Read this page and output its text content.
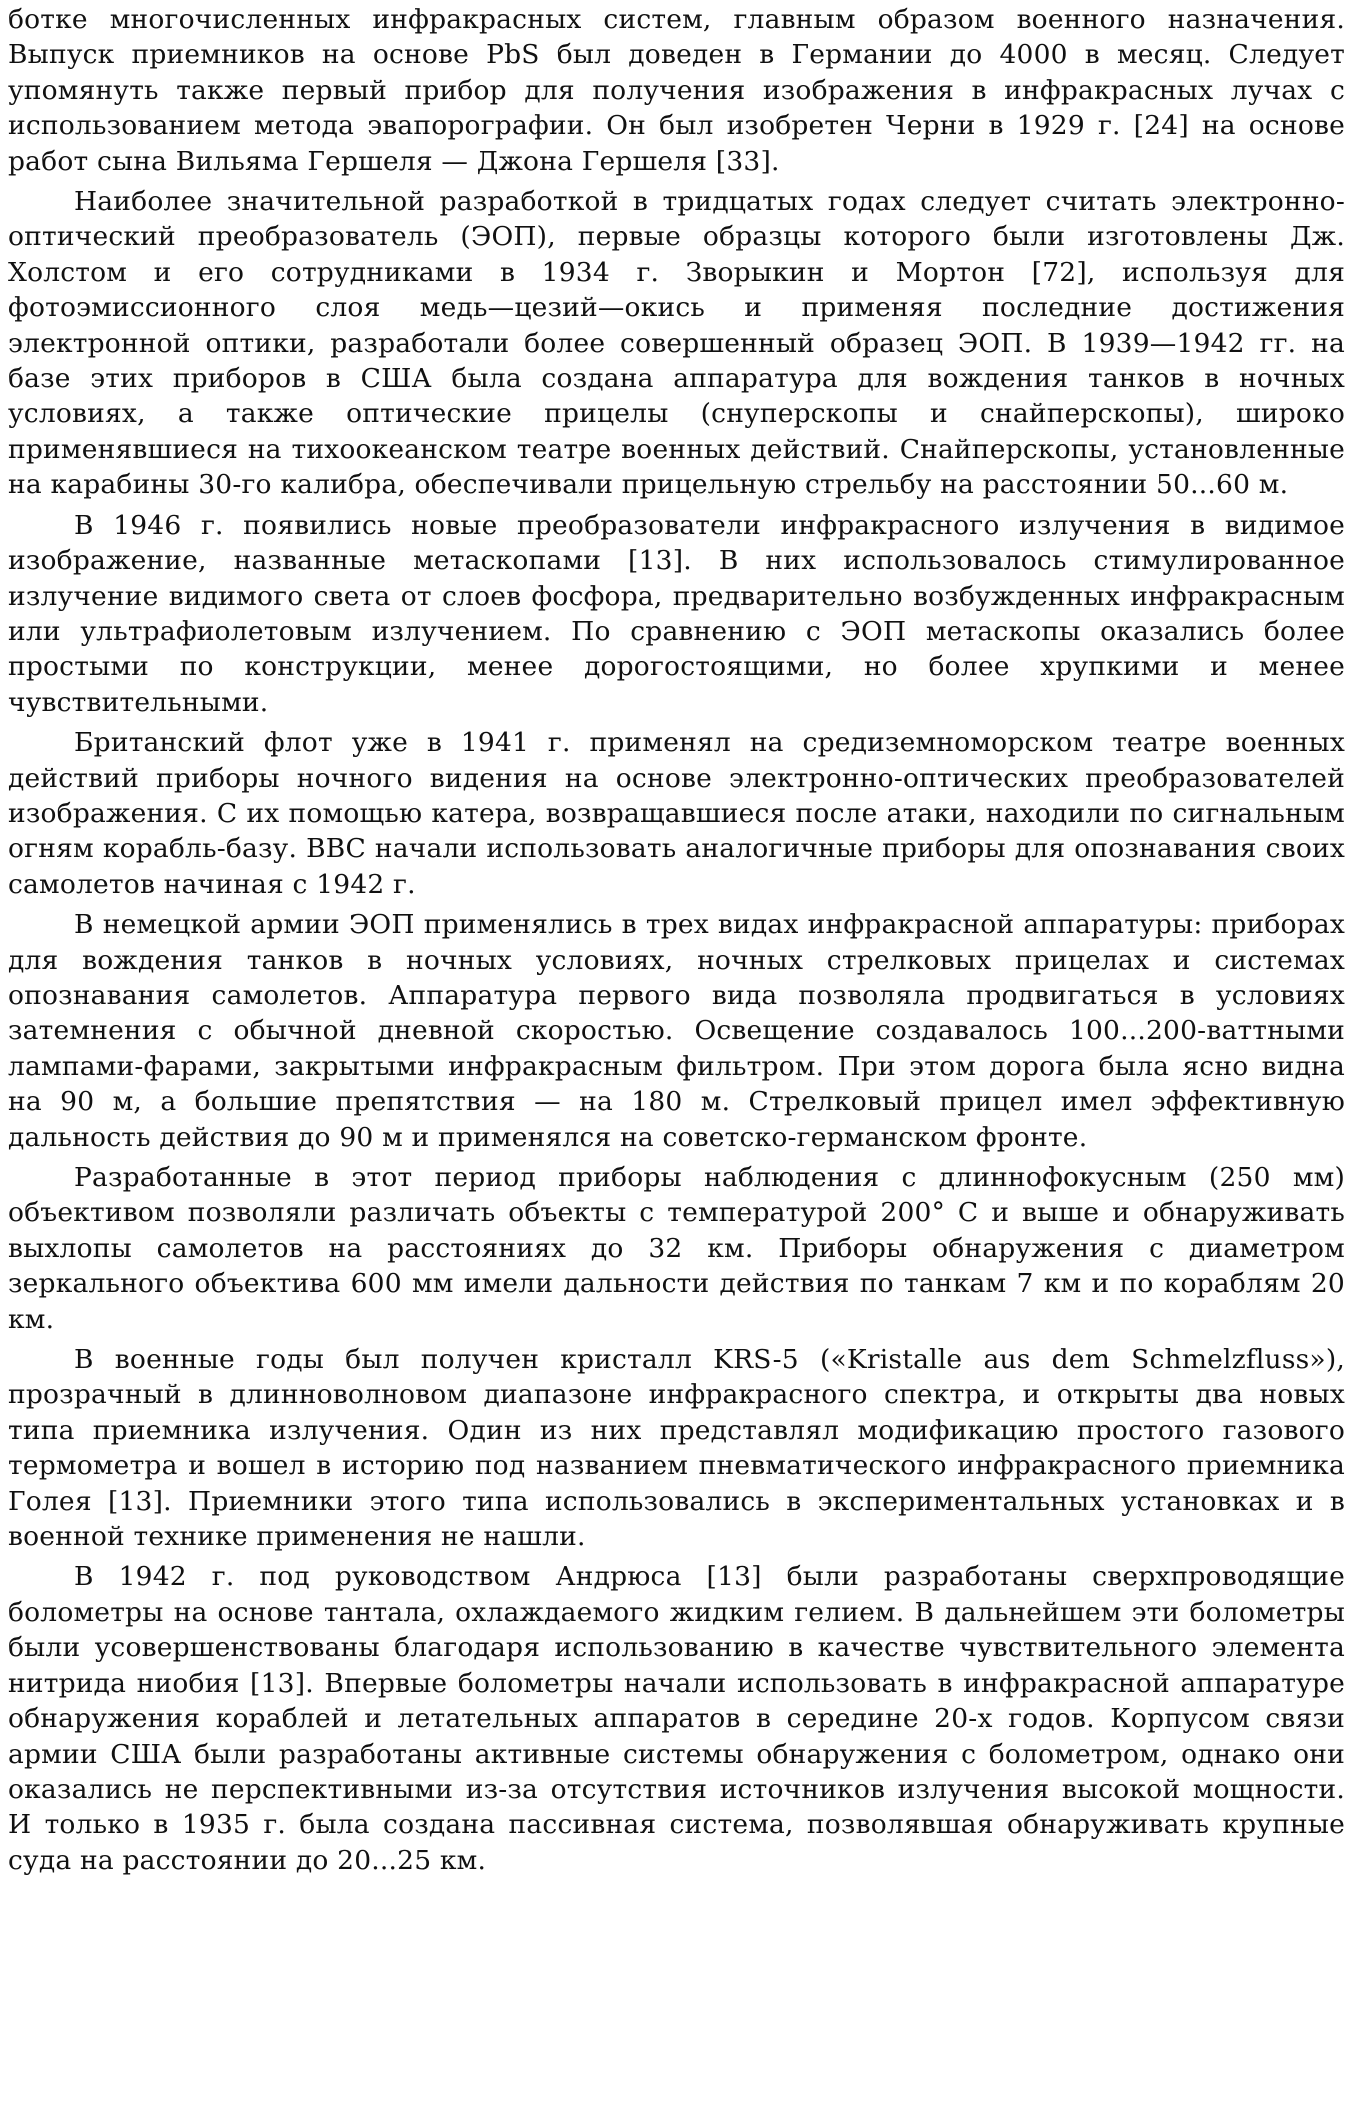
ботке многочисленных инфракрасных систем, главным образом военного назначения. Выпуск приемников на основе PbS был доведен в Германии до 4000 в месяц. Следует упомянуть также первый прибор для получения изображения в инфракрасных лучах с использованием метода эвапорографии. Он был изобретен Черни в 1929 г. [24] на основе работ сына Вильяма Гершеля — Джона Гершеля [33].

Наиболее значительной разработкой в тридцатых годах следует считать электронно-оптический преобразователь (ЭОП), первые образцы которого были изготовлены Дж. Холстом и его сотрудниками в 1934 г. Зворыкин и Мортон [72], используя для фотоэмиссионного слоя медь—цезий—окись и применяя последние достижения электронной оптики, разработали более совершенный образец ЭОП. В 1939—1942 гг. на базе этих приборов в США была создана аппаратура для вождения танков в ночных условиях, а также оптические прицелы (снуперскопы и снайперскопы), широко применявшиеся на тихоокеанском театре военных действий. Снайперскопы, установленные на карабины 30-го калибра, обеспечивали прицельную стрельбу на расстоянии 50...60 м.

В 1946 г. появились новые преобразователи инфракрасного излучения в видимое изображение, названные метаскопами [13]. В них использовалось стимулированное излучение видимого света от слоев фосфора, предварительно возбужденных инфракрасным или ультрафиолетовым излучением. По сравнению с ЭОП метаскопы оказались более простыми по конструкции, менее дорогостоящими, но более хрупкими и менее чувствительными.

Британский флот уже в 1941 г. применял на средиземноморском театре военных действий приборы ночного видения на основе электронно-оптических преобразователей изображения. С их помощью катера, возвращавшиеся после атаки, находили по сигнальным огням корабль-базу. ВВС начали использовать аналогичные приборы для опознавания своих самолетов начиная с 1942 г.

В немецкой армии ЭОП применялись в трех видах инфракрасной аппаратуры: приборах для вождения танков в ночных условиях, ночных стрелковых прицелах и системах опознавания самолетов. Аппаратура первого вида позволяла продвигаться в условиях затемнения с обычной дневной скоростью. Освещение создавалось 100...200-ваттными лампами-фарами, закрытыми инфракрасным фильтром. При этом дорога была ясно видна на 90 м, а большие препятствия — на 180 м. Стрелковый прицел имел эффективную дальность действия до 90 м и применялся на советско-германском фронте.

Разработанные в этот период приборы наблюдения с длиннофокусным (250 мм) объективом позволяли различать объекты с температурой 200° С и выше и обнаруживать выхлопы самолетов на расстояниях до 32 км. Приборы обнаружения с диаметром зеркального объектива 600 мм имели дальности действия по танкам 7 км и по кораблям 20 км.

В военные годы был получен кристалл KRS-5 («Kristalle aus dem Schmelzfluss»), прозрачный в длинноволновом диапазоне инфракрасного спектра, и открыты два новых типа приемника излучения. Один из них представлял модификацию простого газового термометра и вошел в историю под названием пневматического инфракрасного приемника Голея [13]. Приемники этого типа использовались в экспериментальных установках и в военной технике применения не нашли.

В 1942 г. под руководством Андрюса [13] были разработаны сверхпроводящие болометры на основе тантала, охлаждаемого жидким гелием. В дальнейшем эти болометры были усовершенствованы благодаря использованию в качестве чувствительного элемента нитрида ниобия [13]. Впервые болометры начали использовать в инфракрасной аппаратуре обнаружения кораблей и летательных аппаратов в середине 20-х годов. Корпусом связи армии США были разработаны активные системы обнаружения с болометром, однако они оказались не перспективными из-за отсутствия источников излучения высокой мощности. И только в 1935 г. была создана пассивная система, позволявшая обнаруживать крупные суда на расстоянии до 20...25 км.
